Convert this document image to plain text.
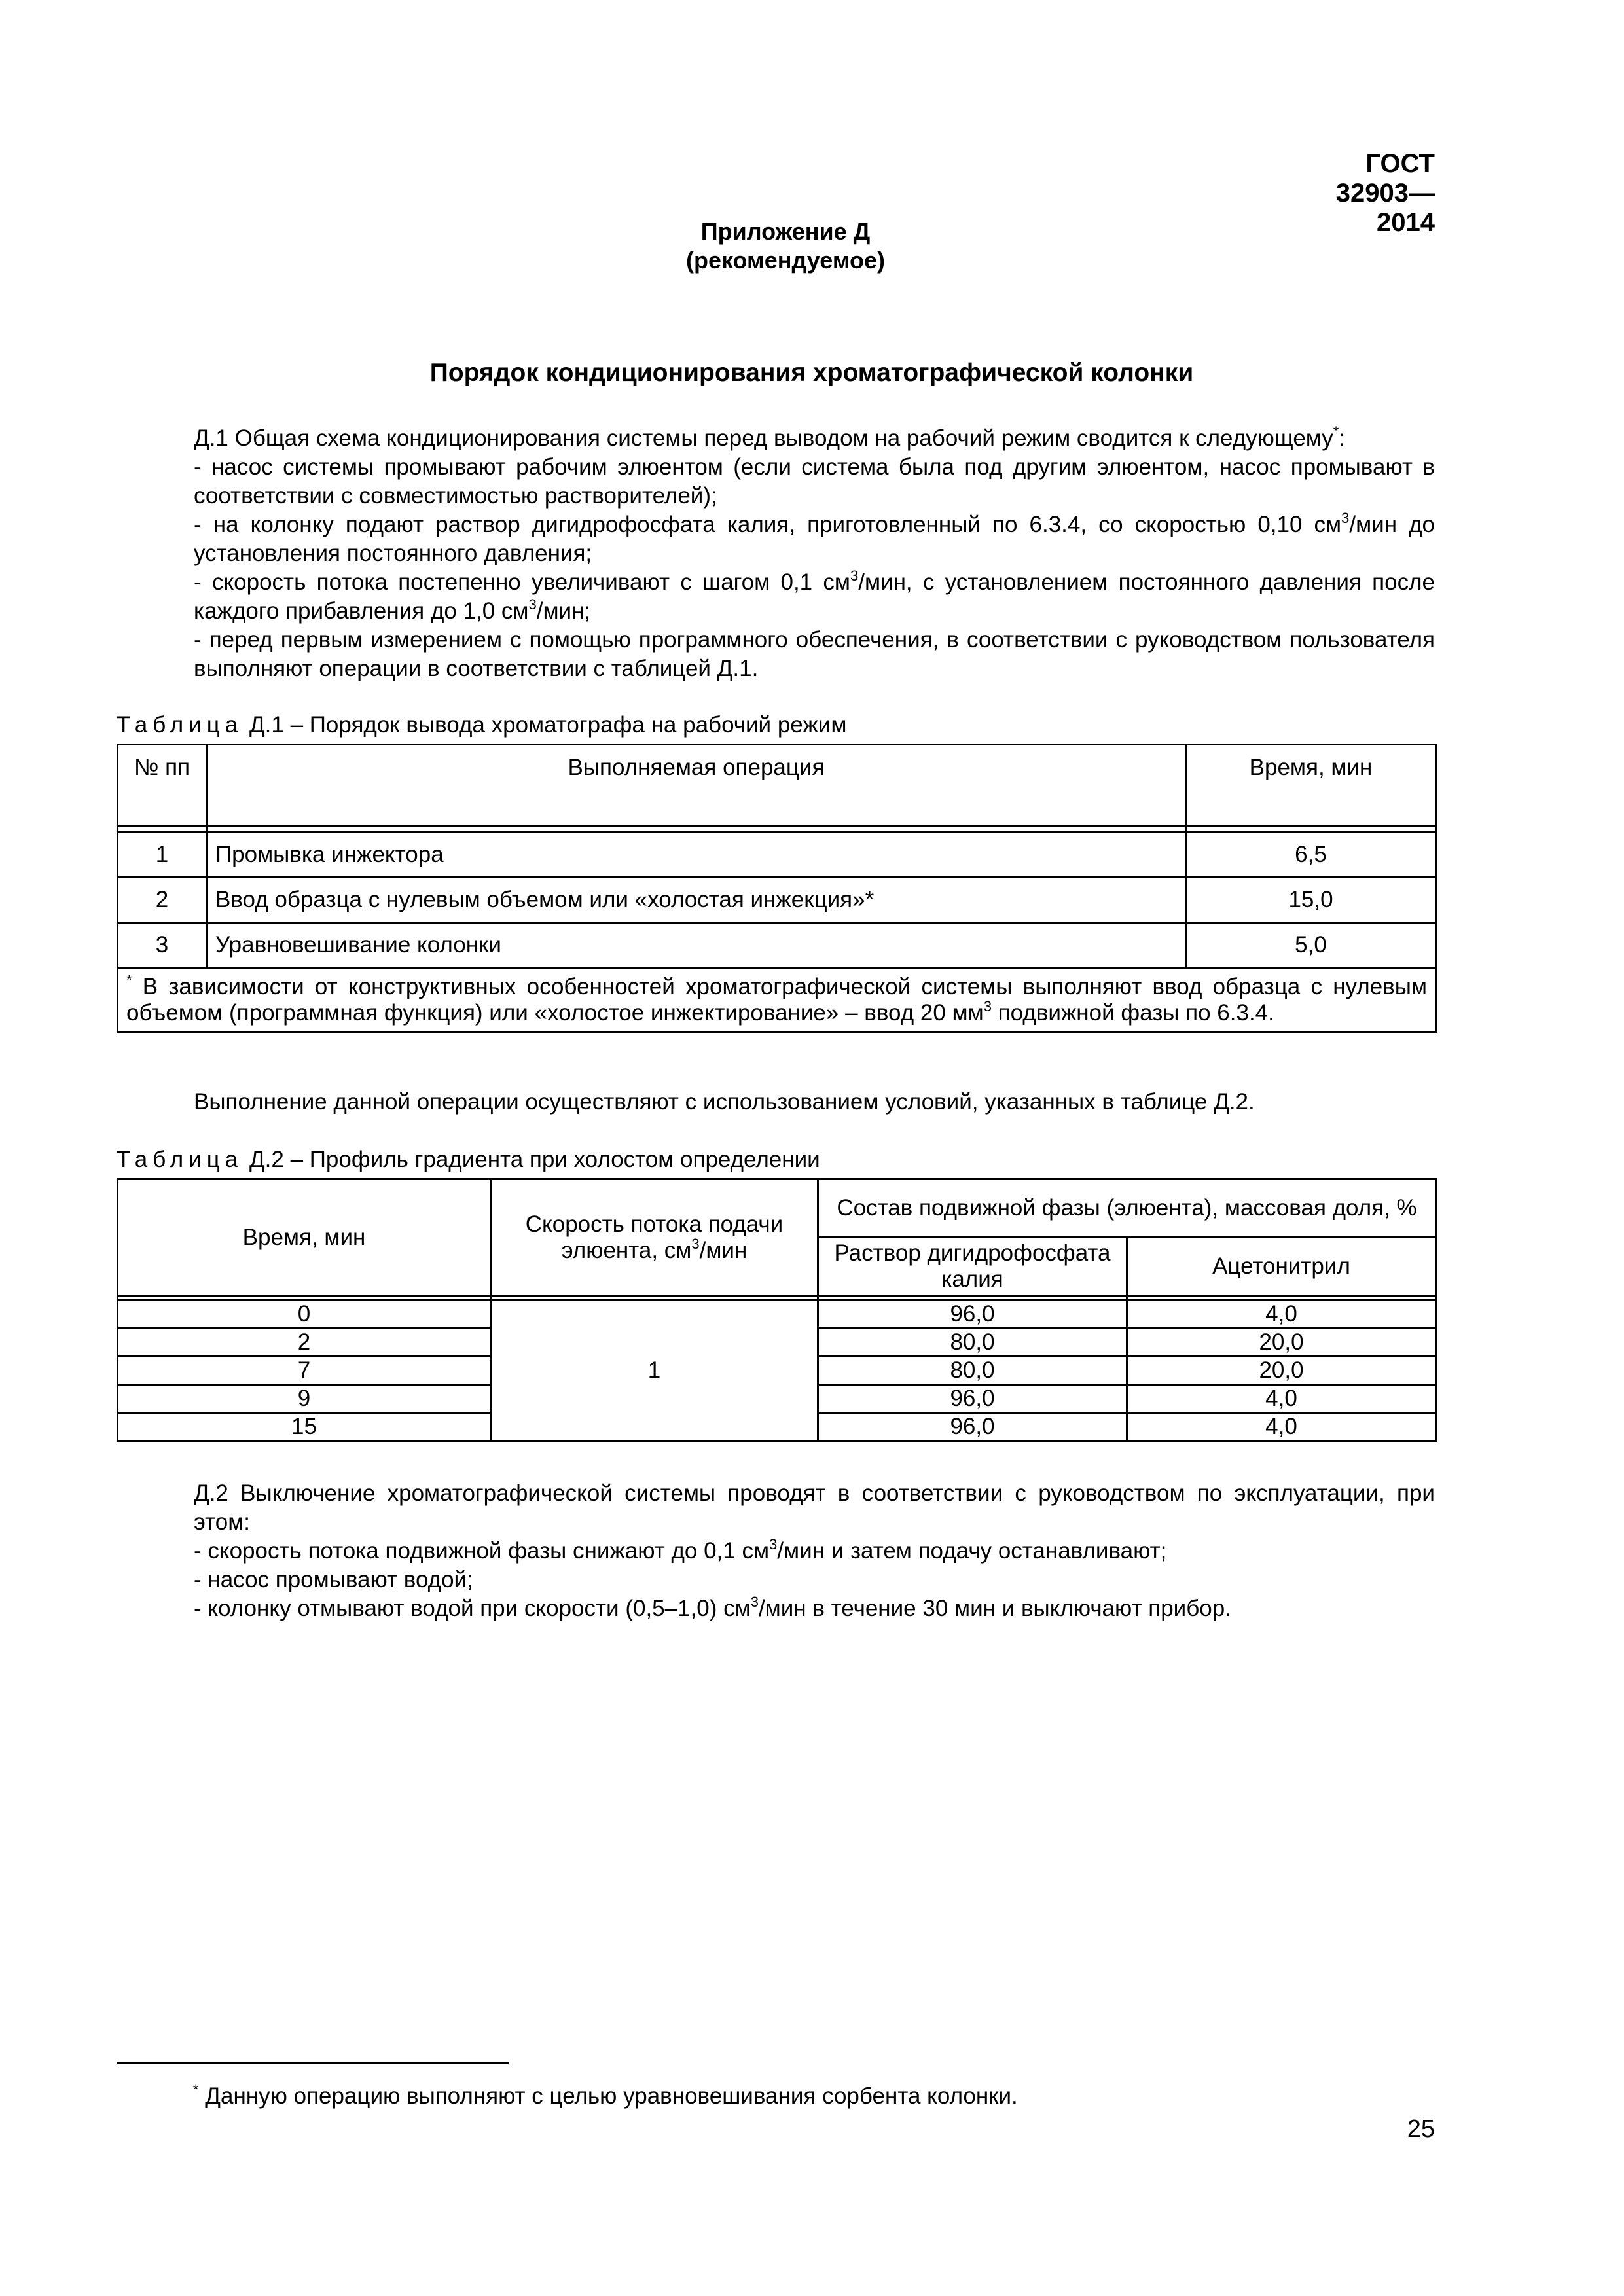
ГОСТ 32903—2014
Приложение Д
(рекомендуемое)
Порядок кондиционирования хроматографической колонки

Д.1 Общая схема кондиционирования системы перед выводом на рабочий режим сводится к следующему*:

- насос системы промывают рабочим элюентом (если система была под другим элюентом, насос промывают в соответствии с совместимостью растворителей);

- на колонку подают раствор дигидрофосфата калия, приготовленный по 6.3.4, со скоростью 0,10 $см^3$/мин до установления постоянного давления;

- скорость потока постепенно увеличивают с шагом 0,1 $см^3$/мин, с установлением постоянного давления после каждого прибавления до 1,0 $см^3$/мин;

- перед первым измерением с помощью программного обеспечения, в соответствии с руководством пользователя выполняют операции в соответствии с таблицей Д.1.

Таблица Д.1 – Порядок вывода хроматографа на рабочий режим
№ пп	Выполняемая операция	Время, мин

1	Промывка инжектора	6,5
2	Ввод образца с нулевым объемом или «холостая инжекция»*	15,0
3	Уравновешивание колонки	5,0
* В зависимости от конструктивных особенностей хроматографической системы выполняют ввод образца с нулевым объемом (программная функция) или «холостое инжектирование» – ввод 20 $мм^3$ подвижной фазы по 6.3.4.		

Выполнение данной операции осуществляют с использованием условий, указанных в таблице Д.2.

Таблица Д.2 – Профиль градиента при холостом определении
Время, мин	Скорость потока подачи элюента, $см^3$/мин	Состав подвижной фазы (элюента), массовая доля, %	
		Раствор дигидрофосфата калия	Ацетонитрил

0	1	96,0	4,0
2		80,0	20,0
7		80,0	20,0
9		96,0	4,0
15		96,0	4,0

Д.2 Выключение хроматографической системы проводят в соответствии с руководством по эксплуатации, при этом:

- скорость потока подвижной фазы снижают до 0,1 $см^3$/мин и затем подачу останавливают;

- насос промывают водой;

- колонку отмывают водой при скорости (0,5–1,0) $см^3$/мин в течение 30 мин и выключают прибор.

* Данную операцию выполняют с целью уравновешивания сорбента колонки.
25
